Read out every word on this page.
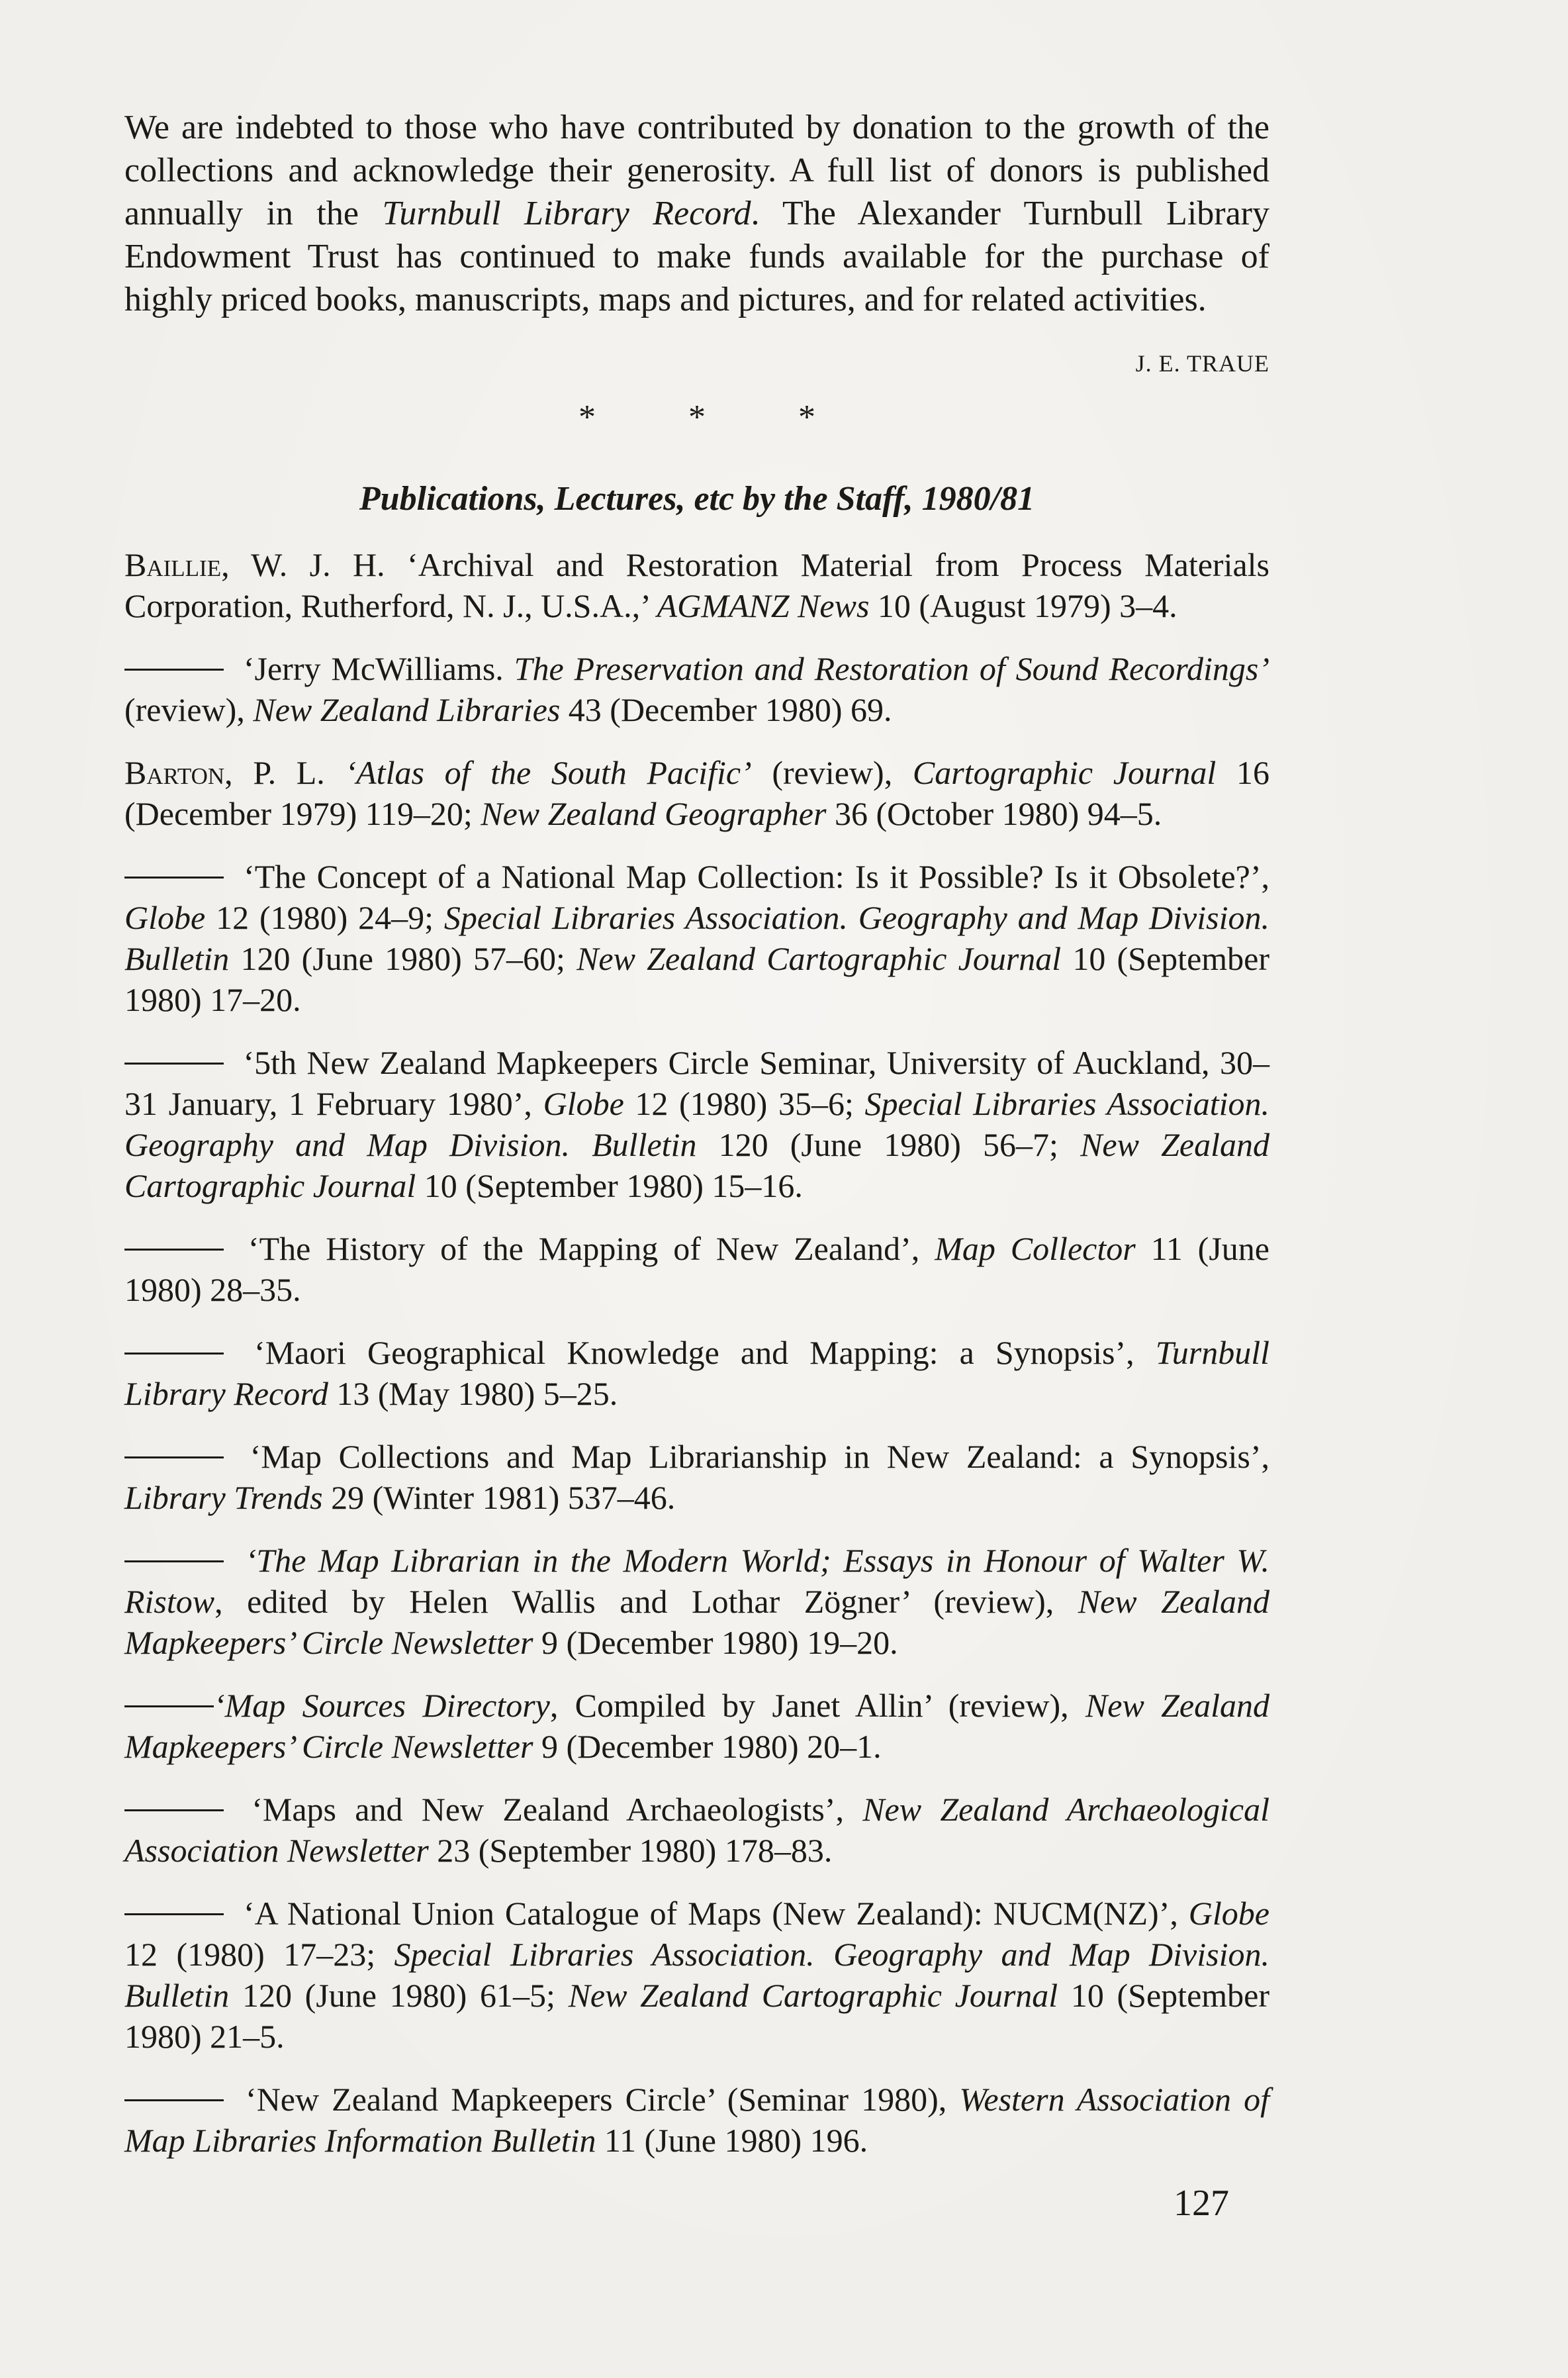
We are indebted to those who have contributed by donation to the growth of the collections and acknowledge their generosity. A full list of donors is published annually in the Turnbull Library Record. The Alexander Turnbull Library Endowment Trust has continued to make funds available for the purchase of highly priced books, manuscripts, maps and pictures, and for related activities.

J. E. TRAUE

*	*	*

Publications, Lectures, etc by the Staff, 1980/81
Baillie, W. J. H. ‘Archival and Restoration Material from Process Materials Corporation, Rutherford, N. J., U.S.A.,’ AGMANZ News 10 (August 1979) 3–4.
‘Jerry McWilliams. The Preservation and Restoration of Sound Recordings’ (review), New Zealand Libraries 43 (December 1980) 69.
Barton, P. L. ‘Atlas of the South Pacific’ (review), Cartographic Journal 16 (December 1979) 119–20; New Zealand Geographer 36 (October 1980) 94–5.
‘The Concept of a National Map Collection: Is it Possible? Is it Obsolete?’, Globe 12 (1980) 24–9; Special Libraries Association. Geography and Map Division. Bulletin 120 (June 1980) 57–60; New Zealand Cartographic Journal 10 (September 1980) 17–20.
‘5th New Zealand Mapkeepers Circle Seminar, University of Auckland, 30–31 January, 1 February 1980’, Globe 12 (1980) 35–6; Special Libraries Association. Geography and Map Division. Bulletin 120 (June 1980) 56–7; New Zealand Cartographic Journal 10 (September 1980) 15–16.
‘The History of the Mapping of New Zealand’, Map Collector 11 (June 1980) 28–35.
‘Maori Geographical Knowledge and Mapping: a Synopsis’, Turnbull Library Record 13 (May 1980) 5–25.
‘Map Collections and Map Librarianship in New Zealand: a Synopsis’, Library Trends 29 (Winter 1981) 537–46.
‘The Map Librarian in the Modern World; Essays in Honour of Walter W. Ristow, edited by Helen Wallis and Lothar Zögner’ (review), New Zealand Mapkeepers’ Circle Newsletter 9 (December 1980) 19–20.
‘Map Sources Directory, Compiled by Janet Allin’ (review), New Zealand Mapkeepers’ Circle Newsletter 9 (December 1980) 20–1.
‘Maps and New Zealand Archaeologists’, New Zealand Archaeological Association Newsletter 23 (September 1980) 178–83.
‘A National Union Catalogue of Maps (New Zealand): NUCM(NZ)’, Globe 12 (1980) 17–23; Special Libraries Association. Geography and Map Division. Bulletin 120 (June 1980) 61–5; New Zealand Cartographic Journal 10 (September 1980) 21–5.
‘New Zealand Mapkeepers Circle’ (Seminar 1980), Western Association of Map Libraries Information Bulletin 11 (June 1980) 196.
127
